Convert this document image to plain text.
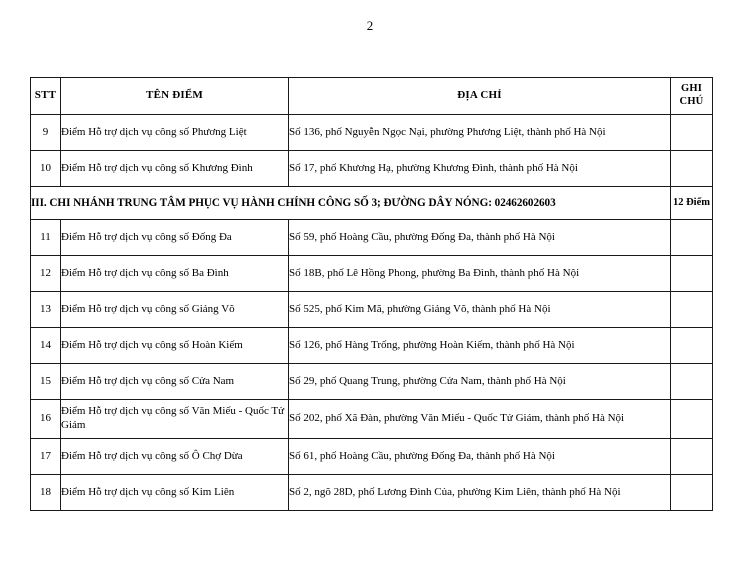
2
STT	TÊN ĐIỂM	ĐỊA CHỈ	GHI
CHÚ

9	Điểm Hỗ trợ dịch vụ công số Phương Liệt	Số 136, phố Nguyễn Ngọc Nại, phường Phương Liệt, thành phố Hà Nội	
10	Điểm Hỗ trợ dịch vụ công số Khương Đình	Số 17, phố Khương Hạ, phường Khương Đình, thành phố Hà Nội	
III. CHI NHÁNH TRUNG TÂM PHỤC VỤ HÀNH CHÍNH CÔNG SỐ 3; ĐƯỜNG DÂY NÓNG: 02462602603			12 Điểm
11	Điểm Hỗ trợ dịch vụ công số Đống Đa	Số 59, phố Hoàng Cầu, phường Đống Đa, thành phố Hà Nội	
12	Điểm Hỗ trợ dịch vụ công số Ba Đình	Số 18B, phố Lê Hồng Phong, phường Ba Đình, thành phố Hà Nội	
13	Điểm Hỗ trợ dịch vụ công số Giảng Võ	Số 525, phố Kim Mã, phường Giảng Võ, thành phố Hà Nội	
14	Điểm Hỗ trợ dịch vụ công số Hoàn Kiếm	Số 126, phố Hàng Trống, phường Hoàn Kiếm, thành phố Hà Nội	
15	Điểm Hỗ trợ dịch vụ công số Cửa Nam	Số 29, phố Quang Trung, phường Cửa Nam, thành phố Hà Nội	
16	Điểm Hỗ trợ dịch vụ công số Văn Miếu - Quốc Tử Giám	Số 202, phố Xã Đàn, phường Văn Miếu - Quốc Tử Giám, thành phố Hà Nội	
17	Điểm Hỗ trợ dịch vụ công số Ô Chợ Dừa	Số 61, phố Hoàng Cầu, phường Đống Đa, thành phố Hà Nội	
18	Điểm Hỗ trợ dịch vụ công số Kim Liên	Số 2, ngõ 28D, phố Lương Đình Của, phường Kim Liên, thành phố Hà Nội	
